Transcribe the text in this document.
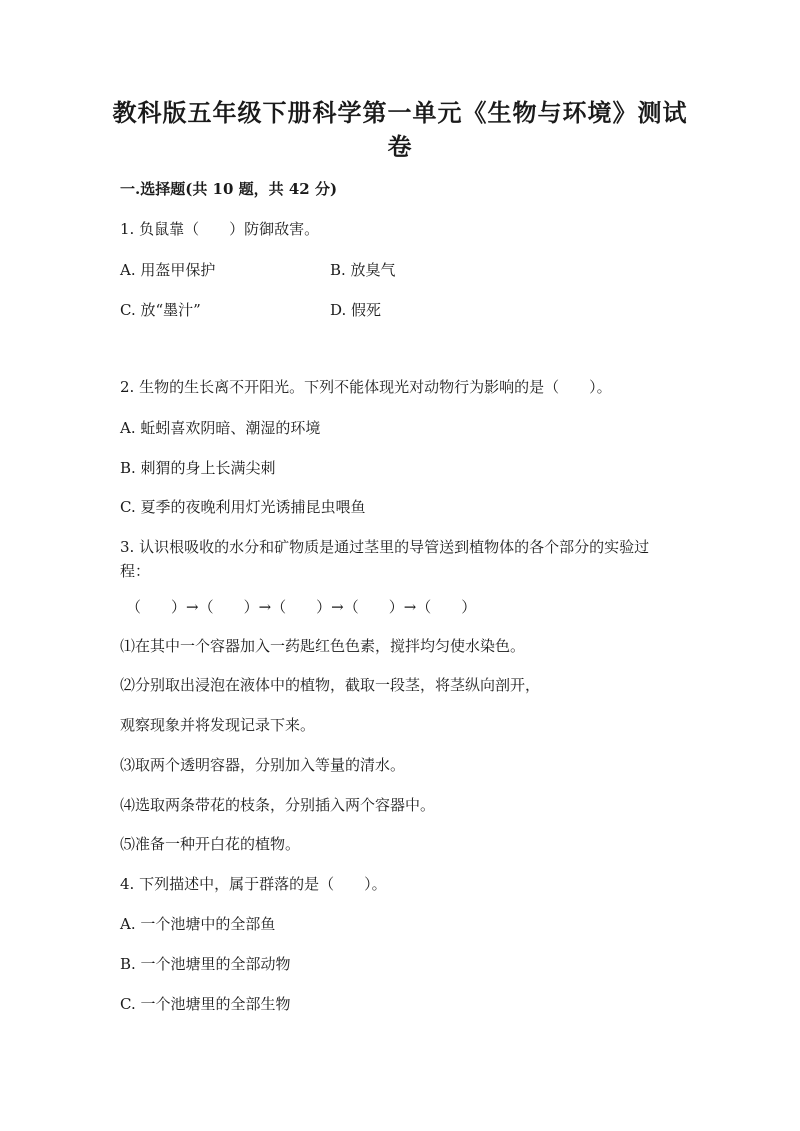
教科版五年级下册科学第一单元《生物与环境》测试卷
一.选择题(共 10 题，共 42 分)
1. 负鼠靠（　　）防御敌害。
A. 用盔甲保护	B. 放臭气
C. 放“墨汁”	D. 假死
2. 生物的生长离不开阳光。下列不能体现光对动物行为影响的是（　　）。
A. 蚯蚓喜欢阴暗、潮湿的环境
B. 刺猬的身上长满尖刺
C. 夏季的夜晚利用灯光诱捕昆虫喂鱼
3. 认识根吸收的水分和矿物质是通过茎里的导管送到植物体的各个部分的实验过程：
（　　）→（　　）→（　　）→（　　）→（　　）
⑴在其中一个容器加入一药匙红色色素，搅拌均匀使水染色。
⑵分别取出浸泡在液体中的植物，截取一段茎，将茎纵向剖开，
观察现象并将发现记录下来。
⑶取两个透明容器，分别加入等量的清水。
⑷选取两条带花的枝条，分别插入两个容器中。
⑸准备一种开白花的植物。
4. 下列描述中，属于群落的是（　　）。
A. 一个池塘中的全部鱼
B. 一个池塘里的全部动物
C. 一个池塘里的全部生物
